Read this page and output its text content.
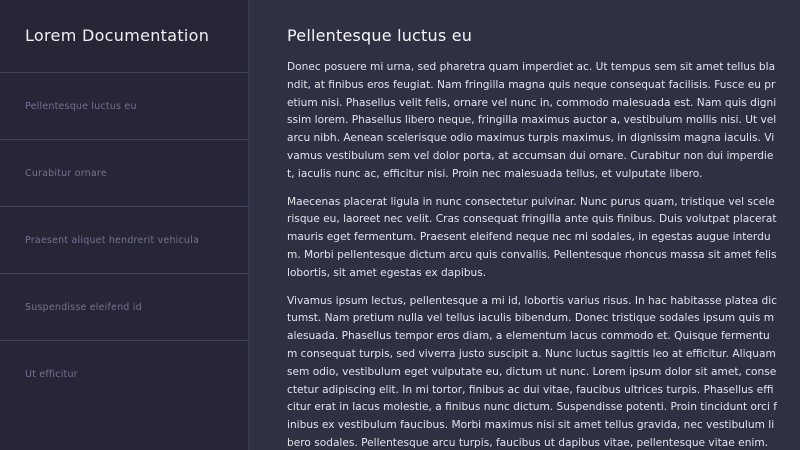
Lorem Documentation
Pellentesque luctus eu
Curabitur ornare
Praesent aliquet hendrerit vehicula
Suspendisse eleifend id
Ut efficitur
Pellentesque luctus eu

Donec posuere mi urna, sed pharetra quam imperdiet ac. Ut tempus sem sit amet tellus blandit, at finibus eros feugiat. Nam fringilla magna quis neque consequat facilisis. Fusce eu pretium nisi. Phasellus velit felis, ornare vel nunc in, commodo malesuada est. Nam quis dignissim lorem. Phasellus libero neque, fringilla maximus auctor a, vestibulum mollis nisi. Ut vel arcu nibh. Aenean scelerisque odio maximus turpis maximus, in dignissim magna iaculis. Vivamus vestibulum sem vel dolor porta, at accumsan dui ornare. Curabitur non dui imperdiet, iaculis nunc ac, efficitur nisi. Proin nec malesuada tellus, et vulputate libero.

Maecenas placerat ligula in nunc consectetur pulvinar. Nunc purus quam, tristique vel scelerisque eu, laoreet nec velit. Cras consequat fringilla ante quis finibus. Duis volutpat placerat mauris eget fermentum. Praesent eleifend neque nec mi sodales, in egestas augue interdum. Morbi pellentesque dictum arcu quis convallis. Pellentesque rhoncus massa sit amet felis lobortis, sit amet egestas ex dapibus.

Vivamus ipsum lectus, pellentesque a mi id, lobortis varius risus. In hac habitasse platea dictumst. Nam pretium nulla vel tellus iaculis bibendum. Donec tristique sodales ipsum quis malesuada. Phasellus tempor eros diam, a elementum lacus commodo et. Quisque fermentum consequat turpis, sed viverra justo suscipit a. Nunc luctus sagittis leo at efficitur. Aliquam sem odio, vestibulum eget vulputate eu, dictum ut nunc. Lorem ipsum dolor sit amet, consectetur adipiscing elit. In mi tortor, finibus ac dui vitae, faucibus ultrices turpis. Phasellus efficitur erat in lacus molestie, a finibus nunc dictum. Suspendisse potenti. Proin tincidunt orci finibus ex vestibulum faucibus. Morbi maximus nisi sit amet tellus gravida, nec vestibulum libero sodales. Pellentesque arcu turpis, faucibus ut dapibus vitae, pellentesque vitae enim.
